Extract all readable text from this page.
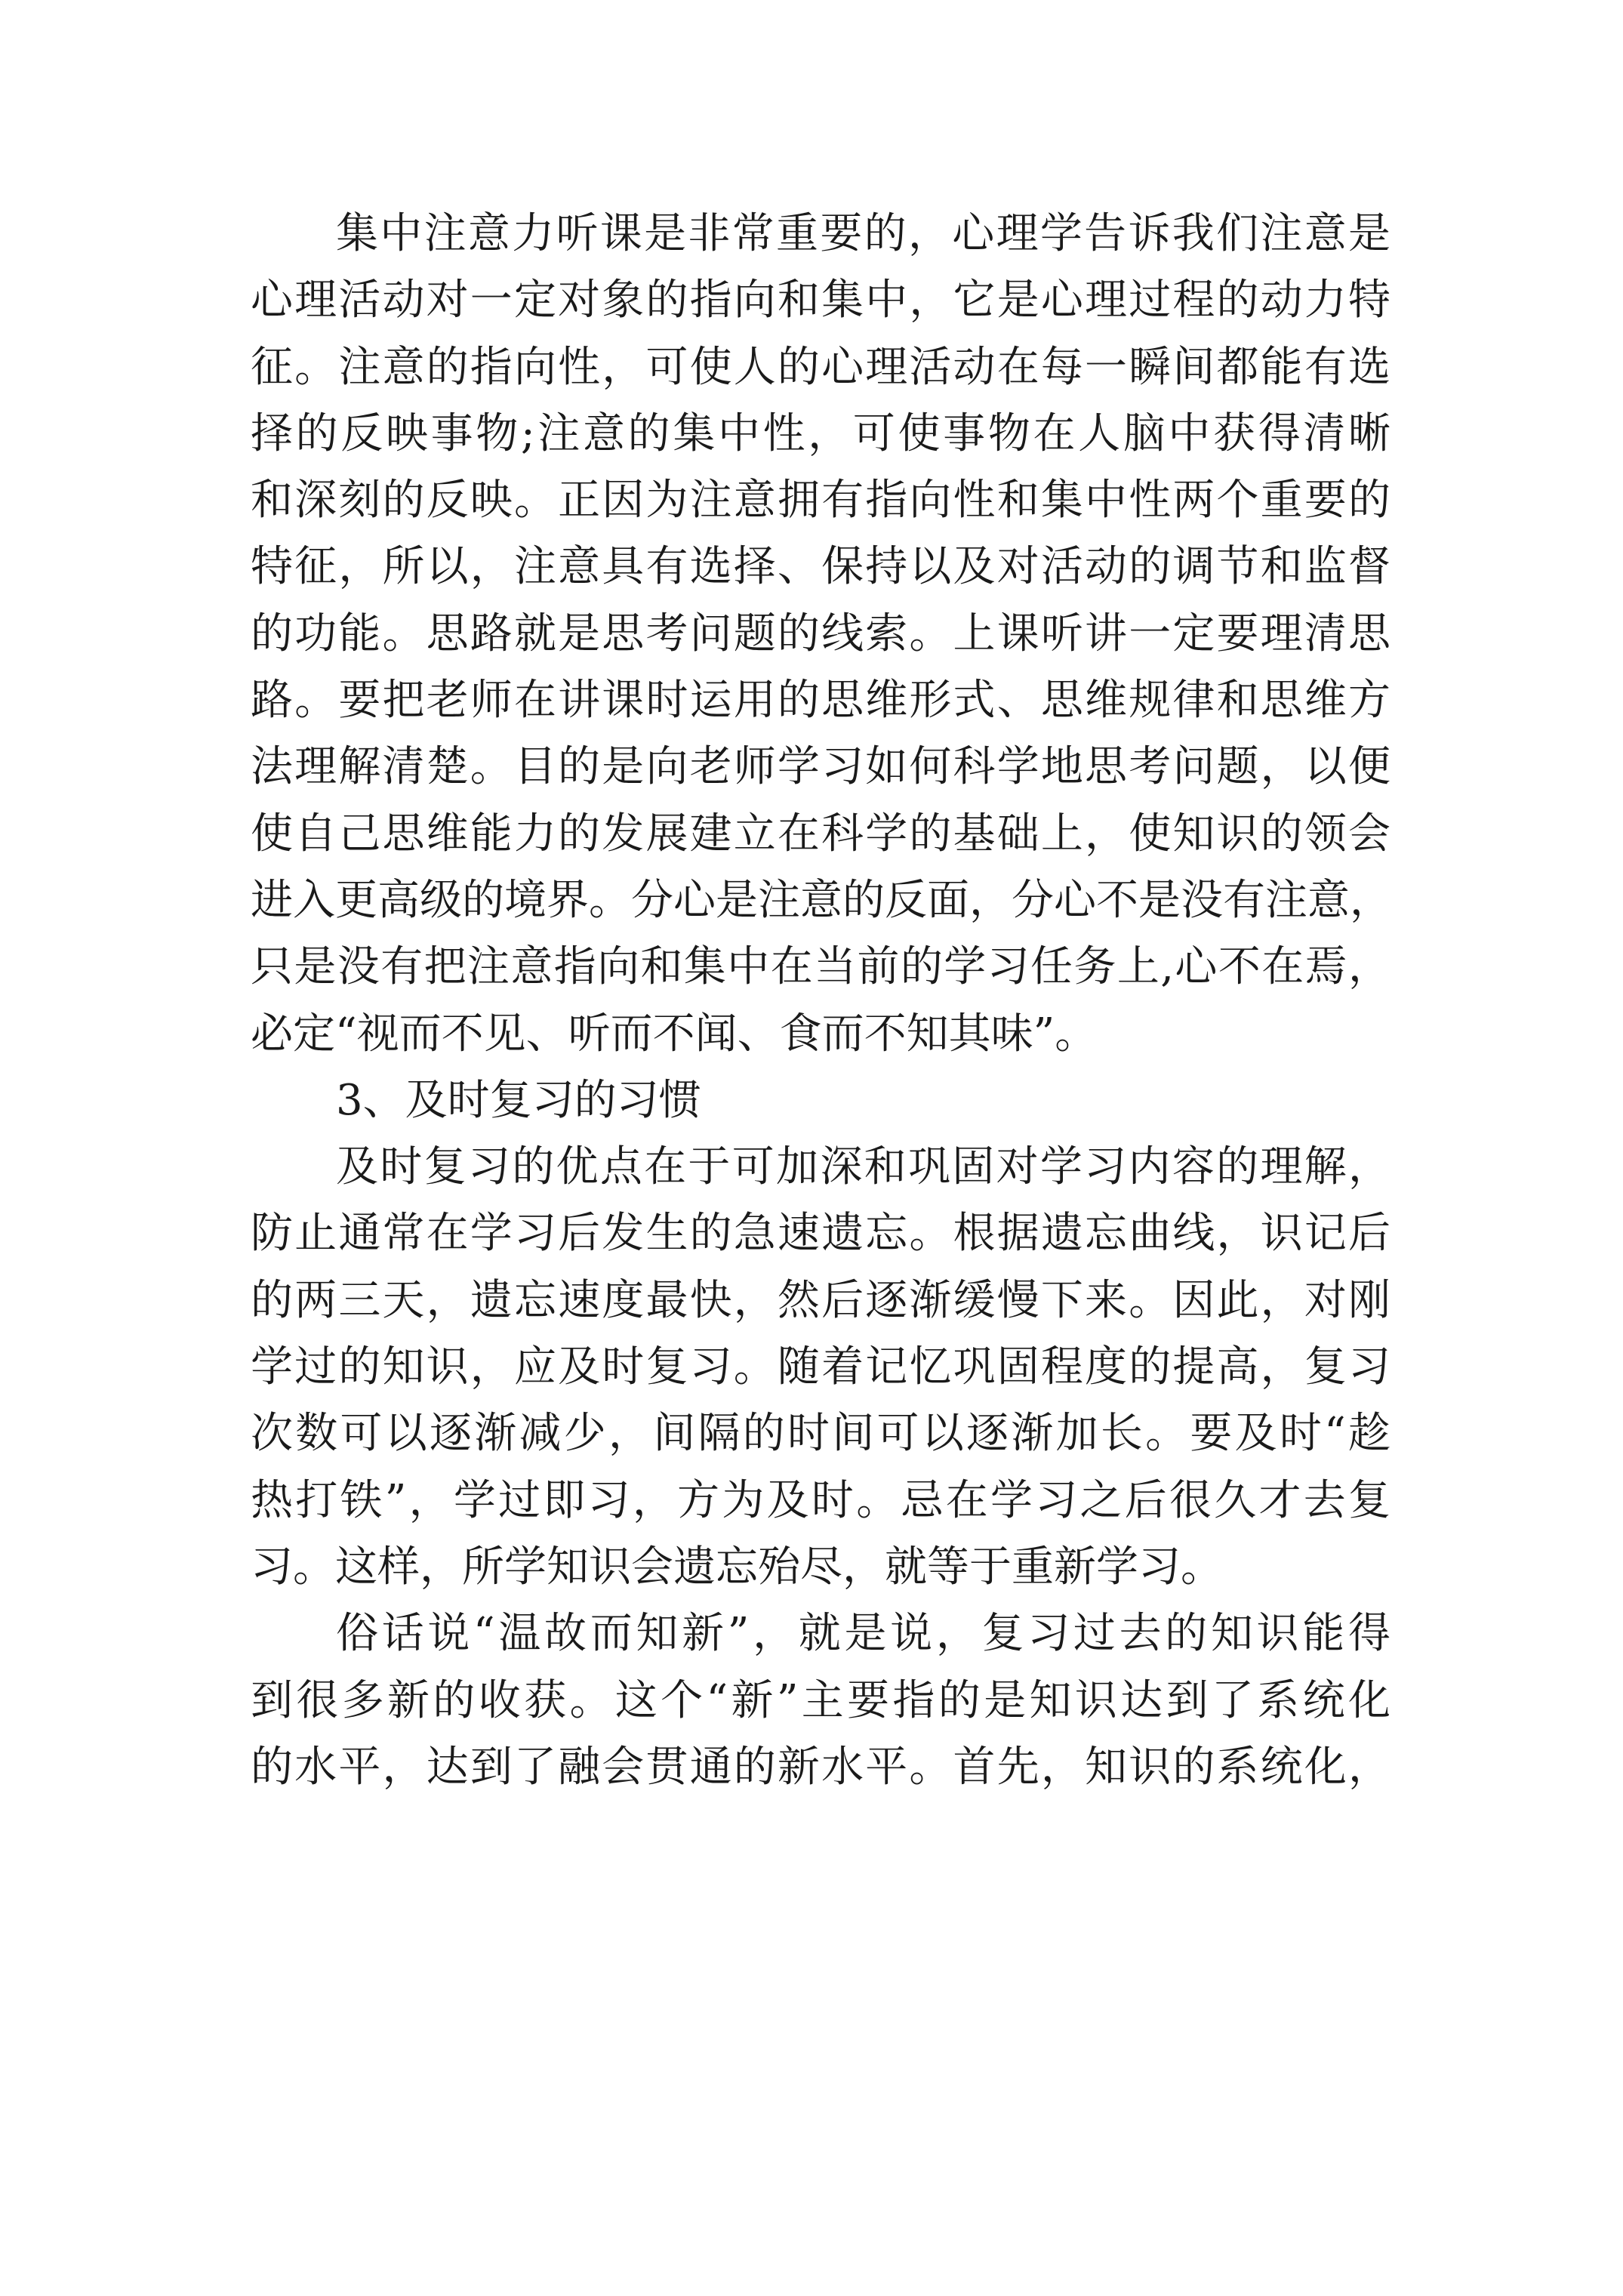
集中注意力听课是非常重要的，心理学告诉我们注意是
心理活动对一定对象的指向和集中，它是心理过程的动力特
征。注意的指向性，可使人的心理活动在每一瞬间都能有选
择的反映事物;注意的集中性，可使事物在人脑中获得清晰
和深刻的反映。正因为注意拥有指向性和集中性两个重要的
特征，所以，注意具有选择、保持以及对活动的调节和监督
的功能。思路就是思考问题的线索。上课听讲一定要理清思
路。要把老师在讲课时运用的思维形式、思维规律和思维方
法理解清楚。目的是向老师学习如何科学地思考问题，以便
使自己思维能力的发展建立在科学的基础上，使知识的领会
进入更高级的境界。分心是注意的反面，分心不是没有注意，
只是没有把注意指向和集中在当前的学习任务上,心不在焉，
必定“视而不见、听而不闻、食而不知其味”。
3、及时复习的习惯
及时复习的优点在于可加深和巩固对学习内容的理解，
防止通常在学习后发生的急速遗忘。根据遗忘曲线，识记后
的两三天，遗忘速度最快，然后逐渐缓慢下来。因此，对刚
学过的知识，应及时复习。随着记忆巩固程度的提高，复习
次数可以逐渐减少，间隔的时间可以逐渐加长。要及时“趁
热打铁”，学过即习，方为及时。忌在学习之后很久才去复
习。这样，所学知识会遗忘殆尽，就等于重新学习。
俗话说“温故而知新”，就是说，复习过去的知识能得
到很多新的收获。这个“新”主要指的是知识达到了系统化
的水平，达到了融会贯通的新水平。首先，知识的系统化，
